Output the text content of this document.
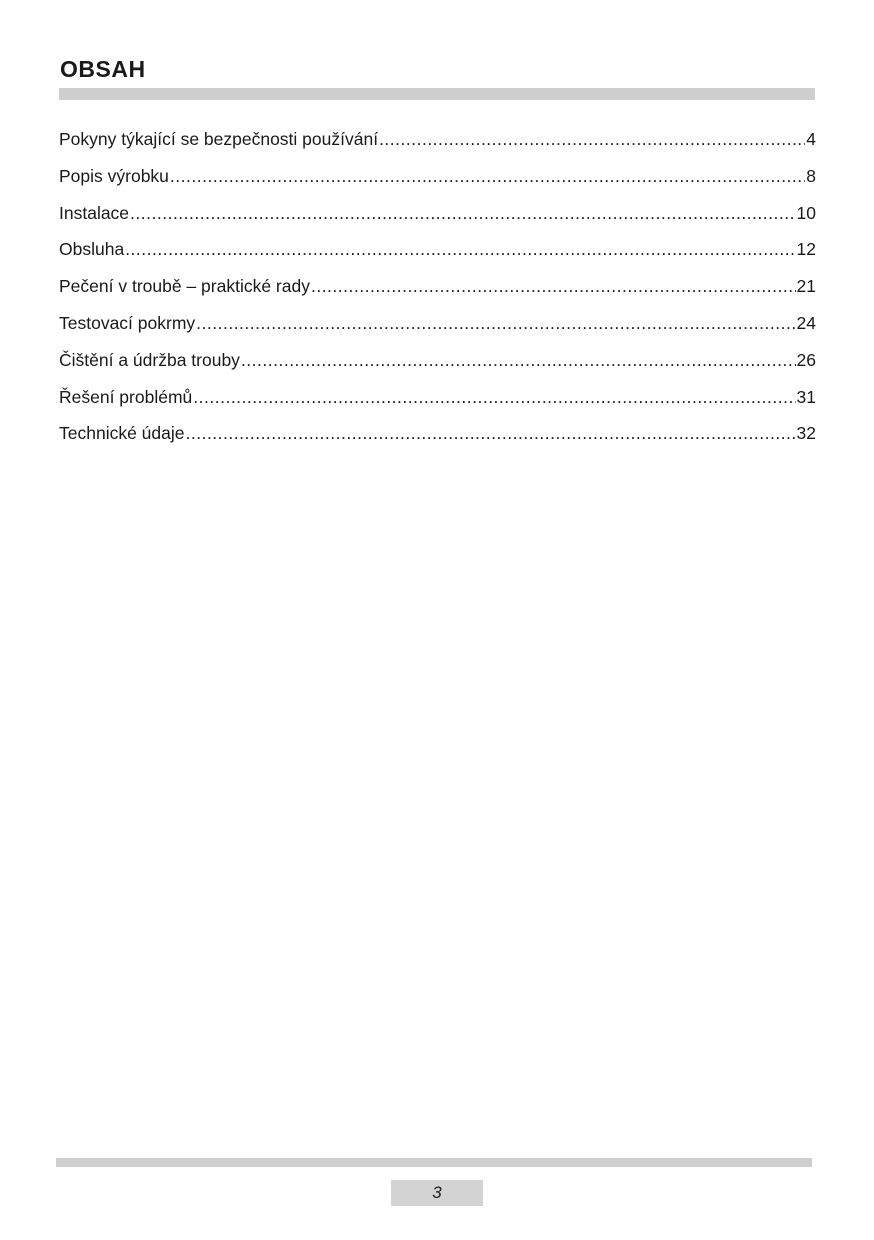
OBSAH
Pokyny týkající se bezpečnosti používání .....	4
Popis výrobku .....	8
Instalace .....	10
Obsluha .....	12
Pečení v troubě – praktické rady .....	21
Testovací pokrmy .....	24
Čištění a údržba trouby .....	26
Řešení problémů .....	31
Technické údaje .....	32
3
